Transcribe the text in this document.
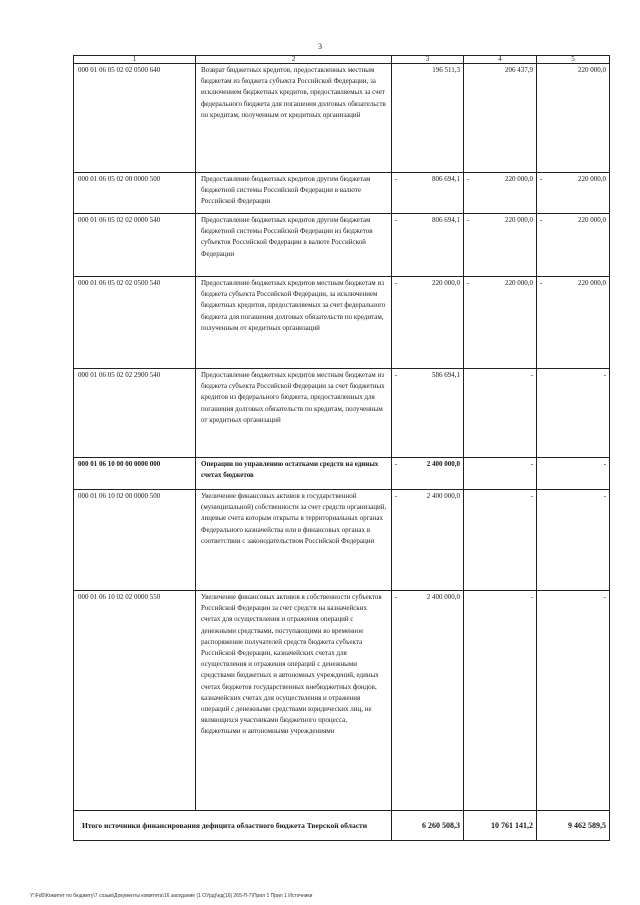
3
1	2	3	4	5
000 01 06 05 02 02 0500 640	Возврат бюджетных кредитов, предоставленных местным бюджетам из бюджета субъекта Российской Федерации, за исключением бюджетных кредитов, предоставляемых за счет федерального бюджета для погашения долговых обязательств по кредитам, полученным от кредитных организаций	196 511,3	206 437,9	220 000,0
000 01 06 05 02 00 0000 500	Предоставление бюджетных кредитов другим бюджетам бюджетной системы Российской Федерации в валюте Российской Федерации	- 806 694,1	- 220 000,0	- 220 000,0
000 01 06 05 02 02 0000 540	Предоставление бюджетных кредитов другим бюджетам бюджетной системы Российской Федерации из бюджетов субъектов Российской Федерации в валюте Российской Федерации	- 806 694,1	- 220 000,0	- 220 000,0
000 01 06 05 02 02 0500 540	Предоставление бюджетных кредитов местным бюджетам из бюджета субъекта Российской Федерации, за исключением бюджетных кредитов, предоставляемых за счет федерального бюджета для погашения долговых обязательств по кредитам, полученным от кредитных организаций	- 220 000,0	- 220 000,0	- 220 000,0
000 01 06 05 02 02 2900 540	Предоставление бюджетных кредитов местным бюджетам из бюджета субъекта Российской Федерации за счет бюджетных кредитов из федерального бюджета, предоставленных для погашения долговых обязательств по кредитам, полученным от кредитных организаций	- 586 694,1	-	-
000 01 06 10 00 00 0000 000	Операции по управлению остатками средств на единых счетах бюджетов	- 2 400 000,0	-	-
000 01 06 10 02 00 0000 500	Увеличение финансовых активов в государственной (муниципальной) собственности за счет средств организаций, лицевые счета которым открыты в территориальных органах Федерального казначейства или в финансовых органах в соответствии с законодательством Российской Федерации	- 2 400 000,0	-	-
000 01 06 10 02 02 0000 550	Увеличение финансовых активов в собственности субъектов Российской Федерации за счет средств на казначейских счетах для осуществления и отражения операций с денежными средствами, поступающими во временное распоряжение получателей средств бюджета субъекта Российской Федерации, казначейских счетах для осуществления и отражения операций с денежными средствами бюджетных и автономных учреждений, единых счетах бюджетов государственных внебюджетных фондов, казначейских счетах для осуществления и отражения операций с денежными средствами юридических лиц, не являющихся участниками бюджетного процесса, бюджетными и автономными учреждениями	- 2 400 000,0	-	-
Итого источники финансирования дефицита областного бюджета Тверской области		6 260 508,3	10 761 141,2	9 462 589,5
Y:\Fd0\Комитет по бюджету\7 созыв\Документы комитета\16 заседание (1 ОУрд)\ед(16) 265-П-7\Прил 1 Прил 1 Источники
